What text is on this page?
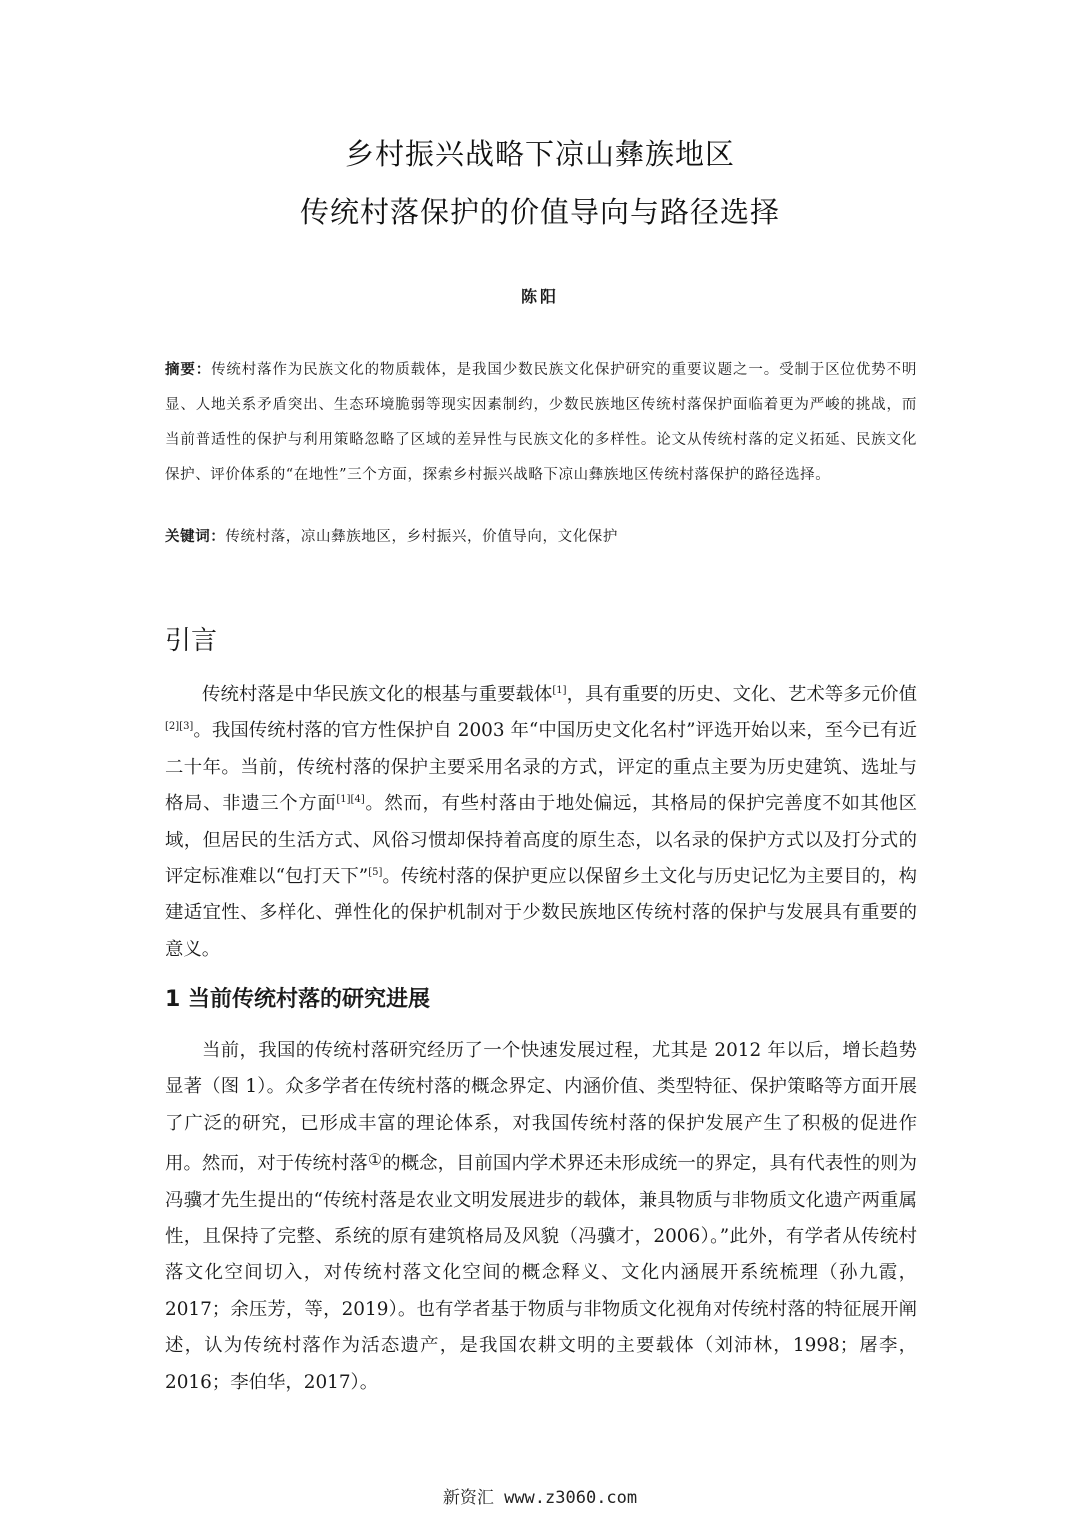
乡村振兴战略下凉山彝族地区
传统村落保护的价值导向与路径选择
陈阳
摘要：传统村落作为民族文化的物质载体，是我国少数民族文化保护研究的重要议题之一。受制于区位优势不明显、人地关系矛盾突出、生态环境脆弱等现实因素制约，少数民族地区传统村落保护面临着更为严峻的挑战，而当前普适性的保护与利用策略忽略了区域的差异性与民族文化的多样性。论文从传统村落的定义拓延、民族文化保护、评价体系的“在地性”三个方面，探索乡村振兴战略下凉山彝族地区传统村落保护的路径选择。
关键词：传统村落，凉山彝族地区，乡村振兴，价值导向，文化保护
引言

传统村落是中华民族文化的根基与重要载体[1]，具有重要的历史、文化、艺术等多元价值[2][3]。我国传统村落的官方性保护自 2003 年“中国历史文化名村”评选开始以来，至今已有近二十年。当前，传统村落的保护主要采用名录的方式，评定的重点主要为历史建筑、选址与格局、非遗三个方面[1][4]。然而，有些村落由于地处偏远，其格局的保护完善度不如其他区域，但居民的生活方式、风俗习惯却保持着高度的原生态，以名录的保护方式以及打分式的评定标准难以“包打天下”[5]。传统村落的保护更应以保留乡土文化与历史记忆为主要目的，构建适宜性、多样化、弹性化的保护机制对于少数民族地区传统村落的保护与发展具有重要的意义。

1 当前传统村落的研究进展

当前，我国的传统村落研究经历了一个快速发展过程，尤其是 2012 年以后，增长趋势显著（图 1）。众多学者在传统村落的概念界定、内涵价值、类型特征、保护策略等方面开展了广泛的研究，已形成丰富的理论体系，对我国传统村落的保护发展产生了积极的促进作用。然而，对于传统村落①的概念，目前国内学术界还未形成统一的界定，具有代表性的则为冯骥才先生提出的“传统村落是农业文明发展进步的载体，兼具物质与非物质文化遗产两重属性，且保持了完整、系统的原有建筑格局及风貌（冯骥才，2006）。”此外，有学者从传统村落文化空间切入，对传统村落文化空间的概念释义、文化内涵展开系统梳理（孙九霞，2017；余压芳，等，2019）。也有学者基于物质与非物质文化视角对传统村落的特征展开阐述，认为传统村落作为活态遗产，是我国农耕文明的主要载体（刘沛林，1998；屠李，2016；李伯华，2017）。

新资汇 www.z3060.com
